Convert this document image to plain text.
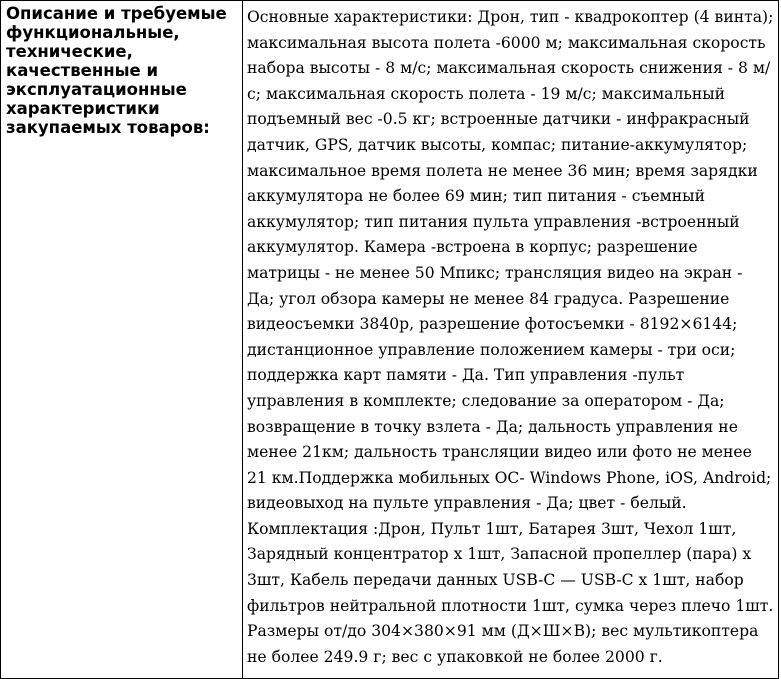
Описание и требуемые функциональные, технические, качественные и эксплуатационные характеристики закупаемых товаров:	Основные характеристики: Дрон, тип - квадрокоптер (4 винта); максимальная высота полета -6000 м; максимальная скорость набора высоты - 8 м/с; максимальная скорость снижения - 8 м/с; максимальная скорость полета - 19 м/с; максимальный подъемный вес -0.5 кг; встроенные датчики - инфракрасный датчик, GPS, датчик высоты, компас; питание-аккумулятор; максимальное время полета не менее 36 мин; время зарядки аккумулятора не более 69 мин; тип питания - съемный аккумулятор; тип питания пульта управления -встроенный аккумулятор. Камера -встроена в корпус; разрешение матрицы - не менее 50 Мпикс; трансляция видео на экран - Да; угол обзора камеры не менее 84 градуса. Разрешение видеосъемки 3840p, разрешение фотосъемки - 8192×6144; дистанционное управление положением камеры - три оси; поддержка карт памяти - Да. Тип управления -пульт управления в комплекте; следование за оператором - Да; возвращение в точку взлета - Да; дальность управления не менее 21км; дальность трансляции видео или фото не менее 21 км.Поддержка мобильных ОС- Windows Phone, iOS, Android; видеовыход на пульте управления - Да; цвет - белый. Комплектация :Дрон, Пульт 1шт, Батарея 3шт, Чехол 1шт, Зарядный концентратор х 1шт, Запасной пропеллер (пара) х 3шт, Кабель передачи данных USB-C — USB-C х 1шт, набор фильтров нейтральной плотности 1шт, сумка через плечо 1шт. Размеры от/до 304×380×91 мм (Д×Ш×В); вес мультикоптера не более 249.9 г; вес с упаковкой не более 2000 г.
